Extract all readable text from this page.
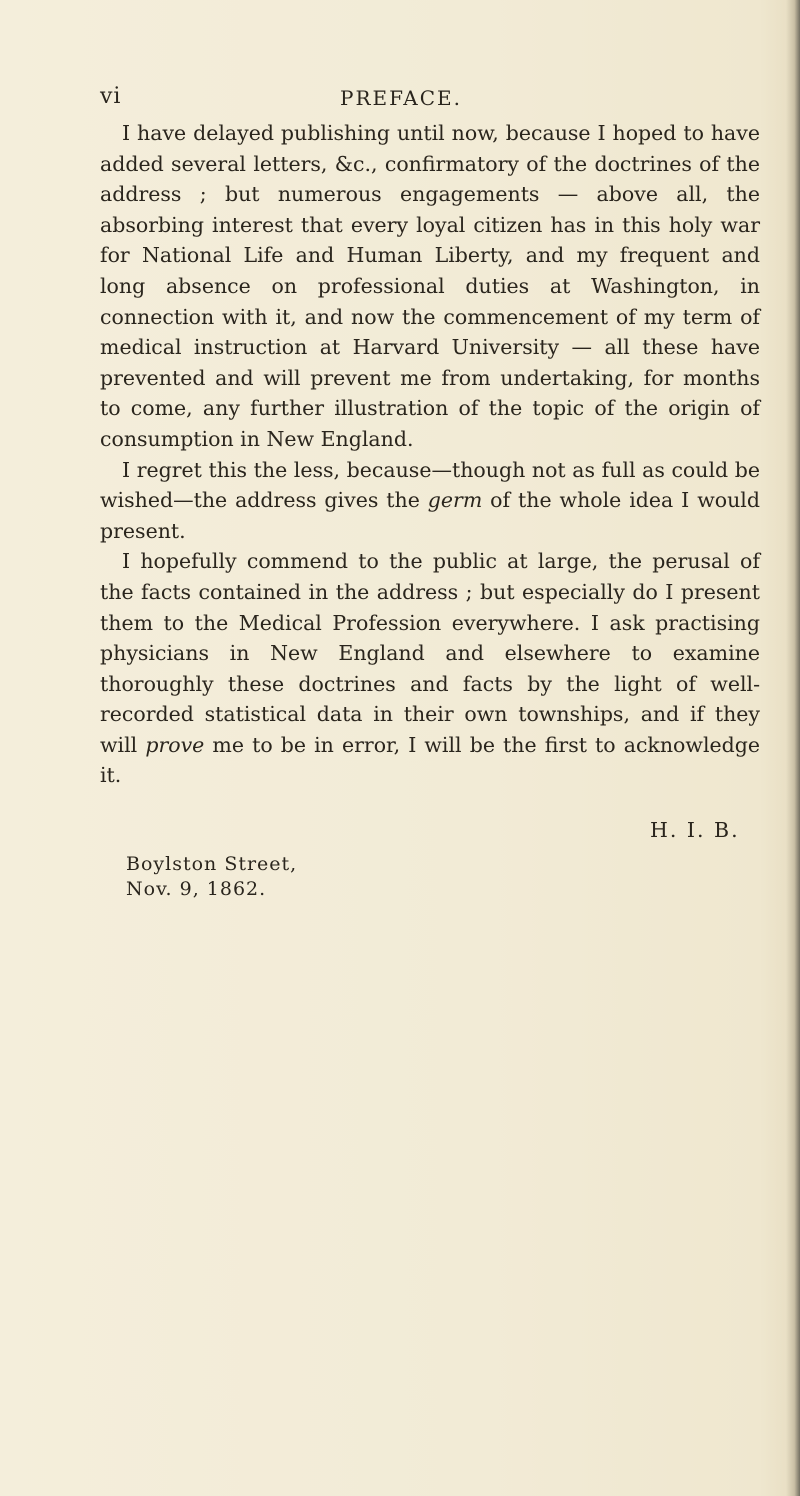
vi	PREFACE.

I have delayed publishing until now, because I hoped to have added several letters, &c., confirmatory of the doctrines of the address ; but numerous engagements — above all, the absorbing interest that every loyal citizen has in this holy war for National Life and Human Liberty, and my frequent and long absence on professional duties at Washington, in connection with it, and now the commencement of my term of medical instruction at Harvard University — all these have prevented and will prevent me from undertaking, for months to come, any further illustration of the topic of the origin of consumption in New England.

I regret this the less, because—though not as full as could be wished—the address gives the germ of the whole idea I would present.

I hopefully commend to the public at large, the perusal of the facts contained in the address ; but especially do I present them to the Medical Profession everywhere. I ask practising physicians in New England and elsewhere to examine thoroughly these doctrines and facts by the light of well-recorded statistical data in their own townships, and if they will prove me to be in error, I will be the first to acknowledge it.

H. I. B.
Boylston Street,
Nov. 9, 1862.
